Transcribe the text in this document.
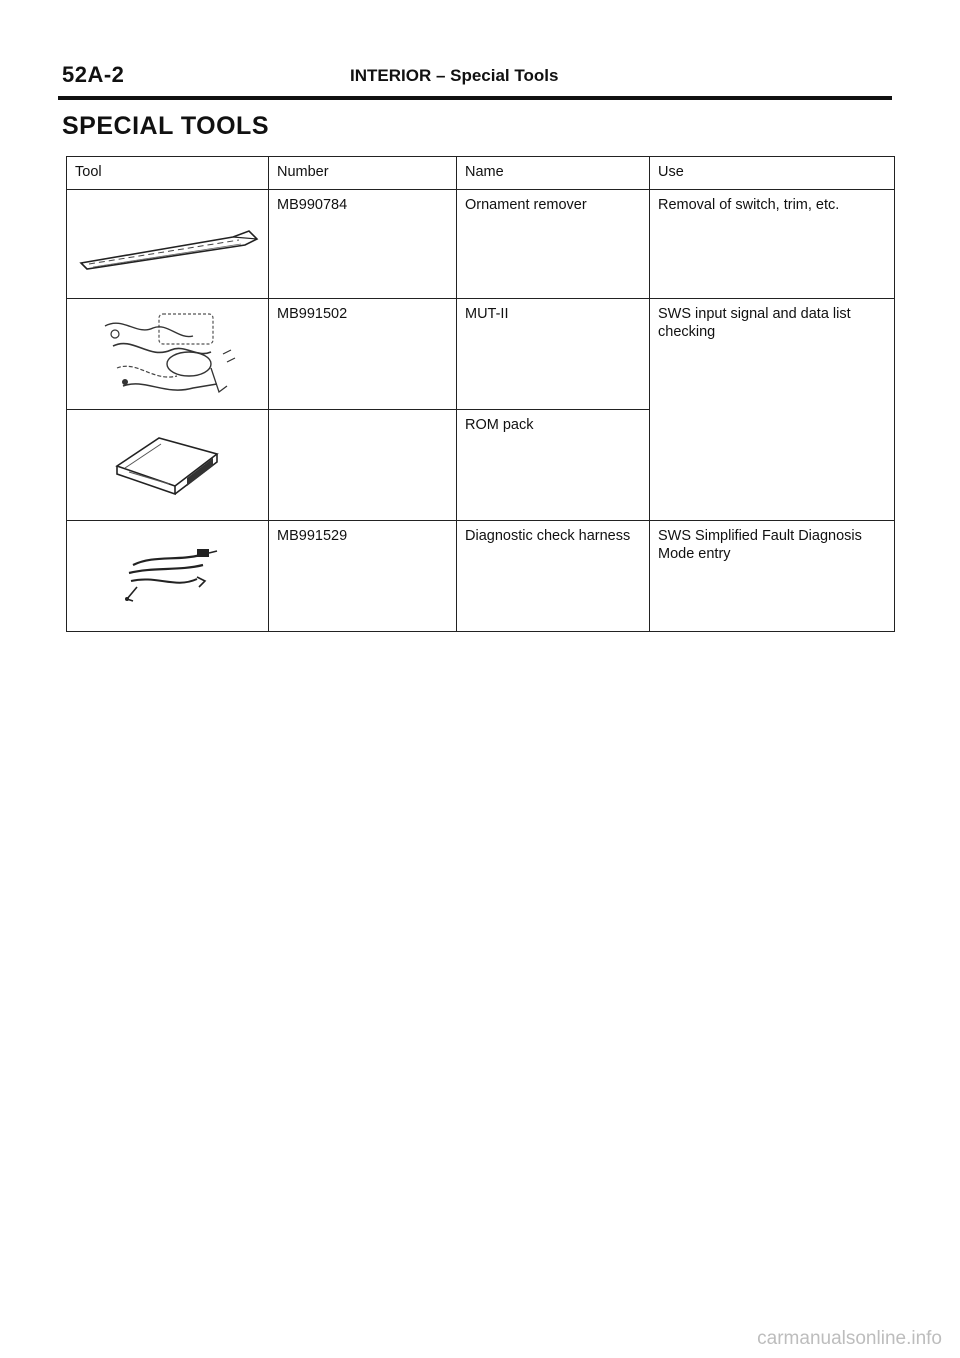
52A-2	INTERIOR – Special Tools
SPECIAL TOOLS
Tool	Number	Name	Use

	MB990784	Ornament remover	Removal of switch, trim, etc.

	MB991502	MUT-II	SWS input signal and data list checking

		ROM pack	

	MB991529	Diagnostic check harness	SWS Simplified Fault Diagnosis Mode entry
carmanualsonline.info
